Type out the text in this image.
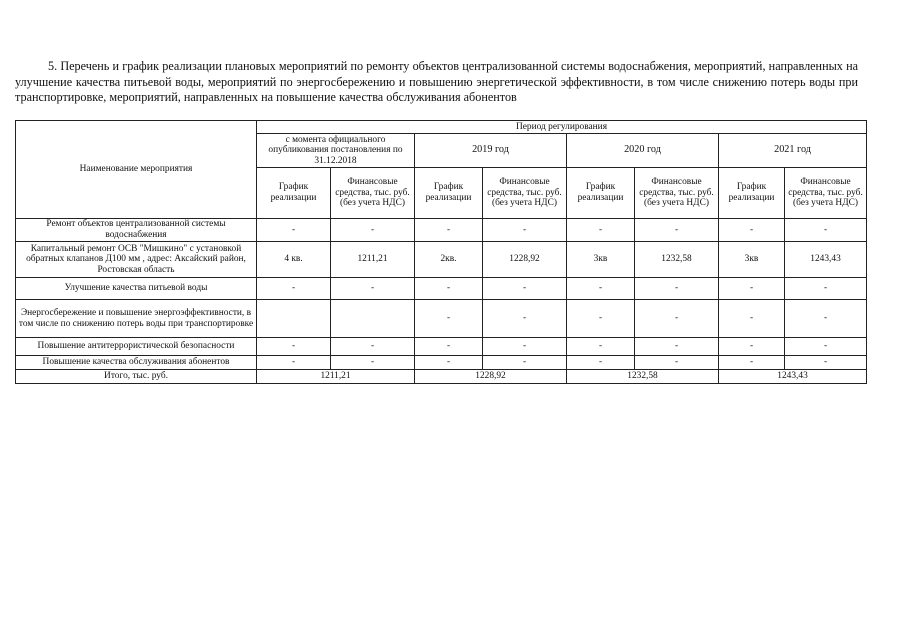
5. Перечень и график реализации плановых мероприятий по ремонту объектов централизованной системы водоснабжения, мероприятий, направленных на улучшение качества питьевой воды, мероприятий по энергосбережению и повышению энергетической эффективности, в том числе снижению потерь воды при транспортировке, мероприятий, направленных на повышение качества обслуживания абонентов

Наименование мероприятия	Период регулирования							
	с момента официального опубликования постановления по 31.12.2018		2019 год		2020 год		2021 год	
	График реализации	Финансовые средства, тыс. руб. (без учета НДС)	График реализации	Финансовые средства, тыс. руб. (без учета НДС)	График реализации	Финансовые средства, тыс. руб. (без учета НДС)	График реализации	Финансовые средства, тыс. руб. (без учета НДС)
Ремонт объектов централизованной системы водоснабжения	-	-	-	-	-	-	-	-
Капитальный ремонт ОСВ "Мишкино" с установкой обратных клапанов Д100 мм , адрес: Аксайский район, Ростовская область	4 кв.	1211,21	2кв.	1228,92	3кв	1232,58	3кв	1243,43
Улучшение качества питьевой воды	-	-	-	-	-	-	-	-
Энергосбережение и повышение энергоэффективности, в том числе по снижению потерь воды при транспортировке			-	-	-	-	-	-
Повышение антитеррористической безопасности	-	-	-	-	-	-	-	-
Повышение качества обслуживания абонентов	-	-	-	-	-	-	-	-
Итого, тыс. руб.	1211,21		1228,92		1232,58		1243,43	
